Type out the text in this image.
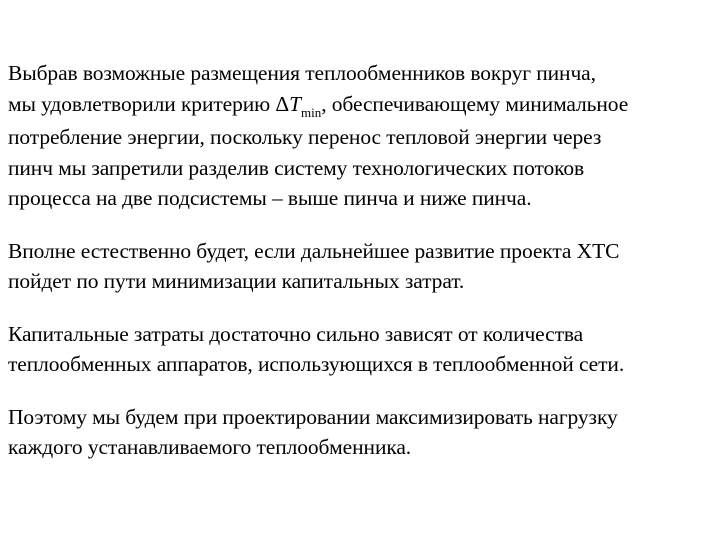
Выбрав возможные размещения теплообменников вокруг пинча,
мы удовлетворили критерию $\Delta T_{min}$, обеспечивающему минимальное
потребление энергии, поскольку перенос тепловой энергии через
пинч мы запретили разделив систему технологических потоков
процесса на две подсистемы – выше пинча и ниже пинча.

Вполне естественно будет, если дальнейшее развитие проекта ХТС
пойдет по пути минимизации капитальных затрат.

Капитальные затраты достаточно сильно зависят от количества
теплообменных аппаратов, использующихся в теплообменной сети.

Поэтому мы будем при проектировании максимизировать нагрузку
каждого устанавливаемого теплообменника.
